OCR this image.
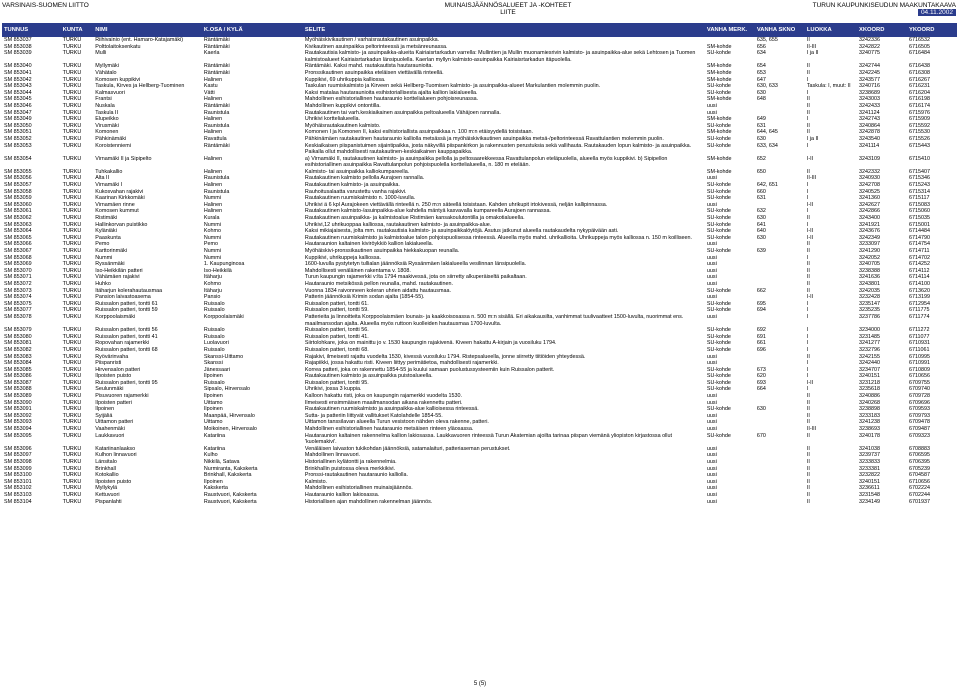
VARSINAIS-SUOMEN LIITTO	MUINAISJÄÄNNÖSALUEET JA -KOHTEET
LIITE
TURUN KAUPUNKISEUDUN MAAKUNTAKAAVA
04.11.2002
TUNNUS	KUNTA	NIMI	K.OSA / KYLÄ	SELITE	VANHA MERK.	VANHA SKNO	LUOKKA	XKOORD	YKOORD
SM 853037	TURKU	Riihivainio (ent. Hamaro-Katajamäki)	Räntämäki	Myöhäiskivikautinen / varhaisrautakautinen asuinpaikka.		635, 655	II	3242336	6716532
SM 853038	TURKU	Polttolaitoksenkatu	Räntämäki	Kivikautinen asuinpaikka peltorinteessä ja metsänreunassa.	SM-kohde	656	II-III	3242822	6716505
SM 853039	TURKU	Mulli	Kaerla	Rautakautisia kalmisto- ja asuinpaikka-alueita Kairiaisrtarkadun varrella: Mullintien ja Mullin muonamiesrivin kalmisto- ja asuinpaikka-alue sekä Lehtosen ja Tuomen kalmistoalueet Kairiaisrtarkadun länsipuolella. Kaerlan myllyn kalmisto-asuinpaikka Kairiaisrtarkadun itäpuolella.	SU-kohde	634	I ja II	3240775	6716484
SM 853040	TURKU	Myllymäki	Räntämäki	Räntämäki. Kaksi mahd. rautakautista hautaraunioita.	SM-kohde	654	II	3242744	6716438
SM 853041	TURKU	Vähätalo	Räntämäki	Pronssikautinen asuinpaikka eteläisen viettävällä rinteellä.	SM-kohde	653	II	3242245	6716308
SM 853042	TURKU	Komosen kuppikivi	Halinen	Kuppikivi, 69 uhrikuppia kalliossa.	SM-kohde	647	I	3243577	6716267
SM 853043	TURKU	Taskula, Kirves ja Hellberg-Tuominen	Kastu	Taskulan ruumiskalmisto ja Kirveen sekä Hellberg-Tuomisen kalmisto- ja asuinpaikka-alueet Markulantien molemmin puolin.	SU-kohde	630, 633	Taskula: I, muut: II	3240716	6716231
SM 853044	TURKU	Kalmasvuori	Vätti	Kaksi matalaa hautaraunioita esihistoriallisesta ajalta kallion lakialueella.	SU-kohde	630	I	3238689	6716204
SM 853045	TURKU	Frantsi	Halinen	Mahdollinen esihistoriallinen hautaraunio korttelialueen pohjoisreunassa.	SM-kohde	648	II	3243003	6716198
SM 853046	TURKU	Nuskala	Räntämäki	Mahdollinen kuppikivi ontontilla.	uusi		II	3242433	6716174
SM 853047	TURKU	Taskula II	Raunistula	Rautakautinen tai varh.keskiaikainen asuinpaikka peltoalueella Vähäjoen rannalla.	uusi		II	3241124	6715976
SM 853049	TURKU	Elupeikko	Halinen	Uhrikivi korttelialueella.	SM-kohde	649	I	3242743	6715909
SM 853050	TURKU	Virusmäki	Raunistula	Myöhäisrautakautinen kalmisto.	SU-kohde	631	II	3240864	6715592
SM 853051	TURKU	Komonen	Halinen	Komonen I ja Komonen II, kaksi esihistoriallista asuinpaikkaa n. 100 m:n etäisyydellä toisistaan.	SM-kohde	644, 645	II	3242878	6715530
SM 853052	TURKU	Pähkinämäki	Ravattula	Pähkinämäen rautakautinen hautaraunio kalliolla metsässä ja myöhäiskivikautinen asuinpaikka metsä-/peltorinteessä Ravattulantien molemmin puolin.	SU-kohde	630	I ja II	3243540	6715526
SM 853053	TURKU	Koroistenniemi	Räntämäki	Keskiaikaisen piispanistuimen sijaintipaikka, josta näkyvillä piispankirkon ja rakennusten perustuksia sekä vallihauta. Rautakauden lopun kalmisto- ja asuinpaikka. Paikalla ollut mahdollisesti rautakautinen-keskiaikainen kauppapaikka.	SU-kohde	633, 634	I	3241114	6715443
SM 853054	TURKU	Virnamäki II ja Sipipelto	Halinen	a) Virnamäki II, rautakautinen kalmisto- ja asuinpaikka pellolla ja peltosaarekkeessa Ravattulanpolun eteläpuolella, alueella myös kuppikivi. b) Sipipellon esihistoriallinen asuinpaikka Ravattulanpolun pohjoispuolella korttelialueella, n. 180 m etelään.	SM-kohde	652	I-II	3243109	6715410
SM 853055	TURKU	Tuhkakallio	Halinen	Kalmisto- tai asuinpaikka kalliokumpareella.	SM-kohde	650	II	3242332	6715407
SM 853056	TURKU	Alta II	Raunistula	Rautakautinen kalmisto pellolla Aurajoen rannalla.	uusi		II-III	3240930	6715346
SM 853057	TURKU	Virnamäki I	Halinen	Rautakautinen kalmisto- ja asuinpaikka.	SU-kohde	642, 651	I	3242708	6715243
SM 853058	TURKU	Kukosvahan rajakivi	Raunistula	Rauhoitusalaatta varustettu vanha rajakivi.	SU-kohde	660	I	3240525	6715314
SM 853059	TURKU	Kaarinan Kirkkomäki	Nummi	Rautakautinen ruumiskalmisto n. 1000-luvulla.	SU-kohde	631	I	3241360	6715117
SM 853060	TURKU	Virnamäen rinne	Halinen	Uhrikivi ä 6 kpl Aurajokeen viettävällä rinteellä n. 250 m:n säteellä toisistaan. Kahden uhrikupit irtokivessä, neljän kallipinnassa.	uusi		I-II	3242627	6715083
SM 853061	TURKU	Komosen kummut	Halinen	Rautakautinen kalmisto-/asuinpaikka-alue kahdella mäntyä kasvavalla kumpareella Aurajoen rannassa.	SU-kohde	632	I	3242866	6715060
SM 853062	TURKU	Ristimäki	Kurala	Rautakautinen asuinpaikka- ja kalmistoalue Ristimäen kansakoulutontilla ja omakotialueella.	SU-kohde	630	II	3243400	6715035
SM 853063	TURKU	Hallinkorvan puistikko	Nummi	Uhrikivi,12 uhrikuoppaa kalliossa, rautakautinen kalmisto- ja asuinpaikka-alue.	SU-kohde	641	I	3241921	6715001
SM 853064	TURKU	Kyläniäki	Kohmo	Kaksi mikiajaisesta, jolta mm. rautakautisia kalmisto- ja asuinpaikkalöytöjä. Asutus jatkunut alueella rautakaudelta nykypäivään asti.	SU-kohde	640	I-II	3243676	6714484
SM 853065	TURKU	Paaskunta	Nummi	Rautakautinen ruumiskalmisto ja kalmistoalue talon pohjoispuolisessa rinteessä. Alueella myös mahd. uhrikallioita. Uhrikuppeja myös kalliossa n. 150 m koilliseen.	SU-kohde	630	I-II	3242349	6714790
SM 853066	TURKU	Pemo	Pemo	Hautaraunion kaltainen kiviröykkiö kallion lakialueella.	uusi		II	3233097	6714754
SM 853067	TURKU	Karttorinmäki	Nummi	Myöhäiskivi-pronssikautinen asuinpaikka hiekkakuopan reunalla.	SU-kohde	639	II	3241290	6714711
SM 853068	TURKU	Nummi	Nummi	Kuppikivi, uhrikuppeja kalliossa.	uusi		I	3242052	6714702
SM 853069	TURKU	Ryssänmäki	1. Kaupunginosa	1600-luvulla pystytetyn tullialan jäännöksiä Ryssänmäen lakialueella vesilinnan länsipuolella.	uusi		II	3240705	6714252
SM 853070	TURKU	Iso-Heikkilän patteri	Iso-Heikkilä	Mahdollisesti venäläinen rakentama v. 1808.	uusi		II	3238388	6714112
SM 853071	TURKU	Vähämäen rajakivi	Itäharju	Turun kaupungin rajamerkki v:lta 1794 maakivessä, jota on siirretty alkuperäiseltä paikaltaan.	uusi		II	3241636	6714114
SM 853072	TURKU	Huhko	Kohmo	Hautaraunio metsikössä pellon reunalla, mahd. rautakautinen.	uusi		II	3243801	6714100
SM 853073	TURKU	Itäharjun kolerahautausmaa	Itäharju	Vuonna 1834 raivonneen koleran uhrien aidattu hautausmaa.	SU-kohde	662	II	3242035	6713620
SM 853074	TURKU	Pansion laivastoasema	Pansio	Patterin jäännöksiä Krimin sodan ajalta (1854-55).	uusi		I-II	3232428	6713199
SM 853075	TURKU	Ruissalon patteri, tontti 61	Ruissalo	Ruissalon patteri, tontti 61.	SU-kohde	695	I	3235147	6712954
SM 853077	TURKU	Ruissalon patteri, tontti 59	Ruissalo	Ruissalon patteri, tontti 59.	SU-kohde	694	I	3235235	6711775
SM 853078	TURKU	Korppoolaismäki	Korppoolaismäki	Patterieita ja linnoitteita Korppoolaismäen lounais- ja kaakkoisosassa n. 500 m:n sisällä. Eri aikakausilta, vanhimmat tuulivaatteet 1500-luvulta, nuorimmat ens. maailmansodan ajalta. Alueella myös ruttoon kuolleiden hautausmaa 1700-luvulta.	uusi		I	3237786	6711774
SM 853079	TURKU	Ruissalon patteri, tontti 56	Ruissalo	Ruissalon patteri, tontti 56.	SU-kohde	692	I	3234000	6711272
SM 853080	TURKU	Ruissalon patteri, tontti 41	Ruissalo	Ruissalon patteri, tontti 41.	SU-kohde	691	I	3231485	6711077
SM 853081	TURKU	Ropovahan rajamerkki	Luolavuori	Siirtolohkare, joka on mainittu jo v. 1530 kaupungin rajakivenä. Kiveen hakattu A-kirjain ja vuosiluku 1794.	SU-kohde	661	I	3241277	6710931
SM 853082	TURKU	Ruissalon patteri, tontti 68	Ruissalo	Ruissalon patteri, tontti 68.	SU-kohde	696	I	3232796	6711061
SM 853083	TURKU	Ryövärinvaha	Skanssi-Uittamo	Rajakivi, ilmeisesti rajattu vuodelta 1530, kivessä vuosiluku 1794. Ristepsalueella, jonne siirretty tiitiöiden yhteydessä.	uusi		II	3242155	6710995
SM 853084	TURKU	Piispanristi	Skanssi	Rajapiikki, jossa hakattu risti. Kiveen liittyy perimätietoa, mahdollisesti rajamerkki.	uusi		I	3242440	6710991
SM 853085	TURKU	Hirvensalon patteri	Jänessaari	Korrea patteri, joka on rakennettu 1854-55 ja kuului samaan puolustussysteemiin kuin Ruissalon patterit.	SU-kohde	673	I	3234707	6710809
SM 853086	TURKU	Ilpoisten puisto	Ilpoinen	Rautakautinen kalmisto ja asuinpaikka puistoalueella.	SU-kohde	620	I	3240151	6710656
SM 853087	TURKU	Ruissalon patteri, tontti 95	Ruissalo	Ruissalon patteri, tontti 95.	SU-kohde	693	I-II	3231218	6709755
SM 853088	TURKU	Seulunmäki	Sipsalo, Hirvensalo	Uhrikivi, jossa 3 kuppia.	SU-kohde	664	I	3235618	6709740
SM 853089	TURKU	Pisuvuoren rajamerkki	Ilpoinen	Kalloon hakattu risti, joka on kaupungin rajamerkki vuodelta 1530.	uusi		II	3240886	6709728
SM 853090	TURKU	Ilpoisten patteri	Uittamo	Ilmeisesti ensimmäisen maailmansodan aikana rakennettu patteri.	uusi		II	3240268	6709696
SM 853091	TURKU	Ilpoinen	Ilpoinen	Rautakautinen ruumiskalmisto ja asuinpaikka-alue kallioisessa rinteessä.	SU-kohde	630	II	3238898	6709593
SM 853092	TURKU	Syijäliä	Maanpää, Hirvensalo	Sutta- ja patteriin liittyvät vallitukset Katolahdelle 1854-55.	uusi		II	3233183	6709793
SM 853093	TURKU	Uittamon patteri	Uittamo	Uittamon tanssilavan alueella Turun vesistoon nähden oleva rakenne, patteri.	uusi		II	3241238	6709478
SM 853094	TURKU	Vaahenmäki	Moikoinen, Hirvensalo	Mahdollinen esihistoriallinen hautaraunio metsäisen rinteen yläosassa.	uusi		II-III	3238693	6709487
SM 853095	TURKU	Laukkavuori	Katariina	Hautaraunion kaltainen rakennelma kallion lakiosassa. Laukkavuoren rinteessä Turun Akatemian ajoilta tarinaa piispan viemänä yliopiston kirjastossa ollut 'kuolemakivi'.	SU-kohde	670	II	3240178	6709323
SM 853096	TURKU	Katariinanlaakso	Katariina	Venäläisen laivaston tukikohdan jäännöksiä, satamalaituri, patteriaseman perustukset.	uusi		II	3241038	6708883
SM 853097	TURKU	Kulhon linnavuori	Kulho	Mahdollinen linnavuori.	uusi		II	3239737	6706595
SM 853098	TURKU	Länsitalo	Nikkilä, Satava	Historiallinen kylätontti ja rakennelmia.	uusi		II	3233833	6706395
SM 853099	TURKU	Brinkhall	Nurmiranta, Kakskerta	Brinkhallin puistossa oleva merkkikivi.	uusi		II	3233381	6705239
SM 853100	TURKU	Kotokallio	Brinkhall, Kakskerta	Pronssi-rautakautinen hautaraunio kalliolla.	uusi		II	3232822	6704587
SM 853101	TURKU	Ilpoisten puisto	Ilpoinen	Kalmisto.	uusi		II	3240151	6710656
SM 853102	TURKU	Myllykylä	Kakskerta	Mahdollinen esihistoriallinen muinaisjäännös.	uusi		II	3236611	6702224
SM 853103	TURKU	Kettuvuori	Raustvuori, Kakskerta	Hautaraunio kallion lakiosassa.	uusi		II	3231548	6702244
SM 853104	TURKU	Pispanlahti	Raustvuori, Kakskerta	Historiallisen ajan mahdollinen rakennelman jäännös.	uusi		II	3234149	6701937
5 (5)
